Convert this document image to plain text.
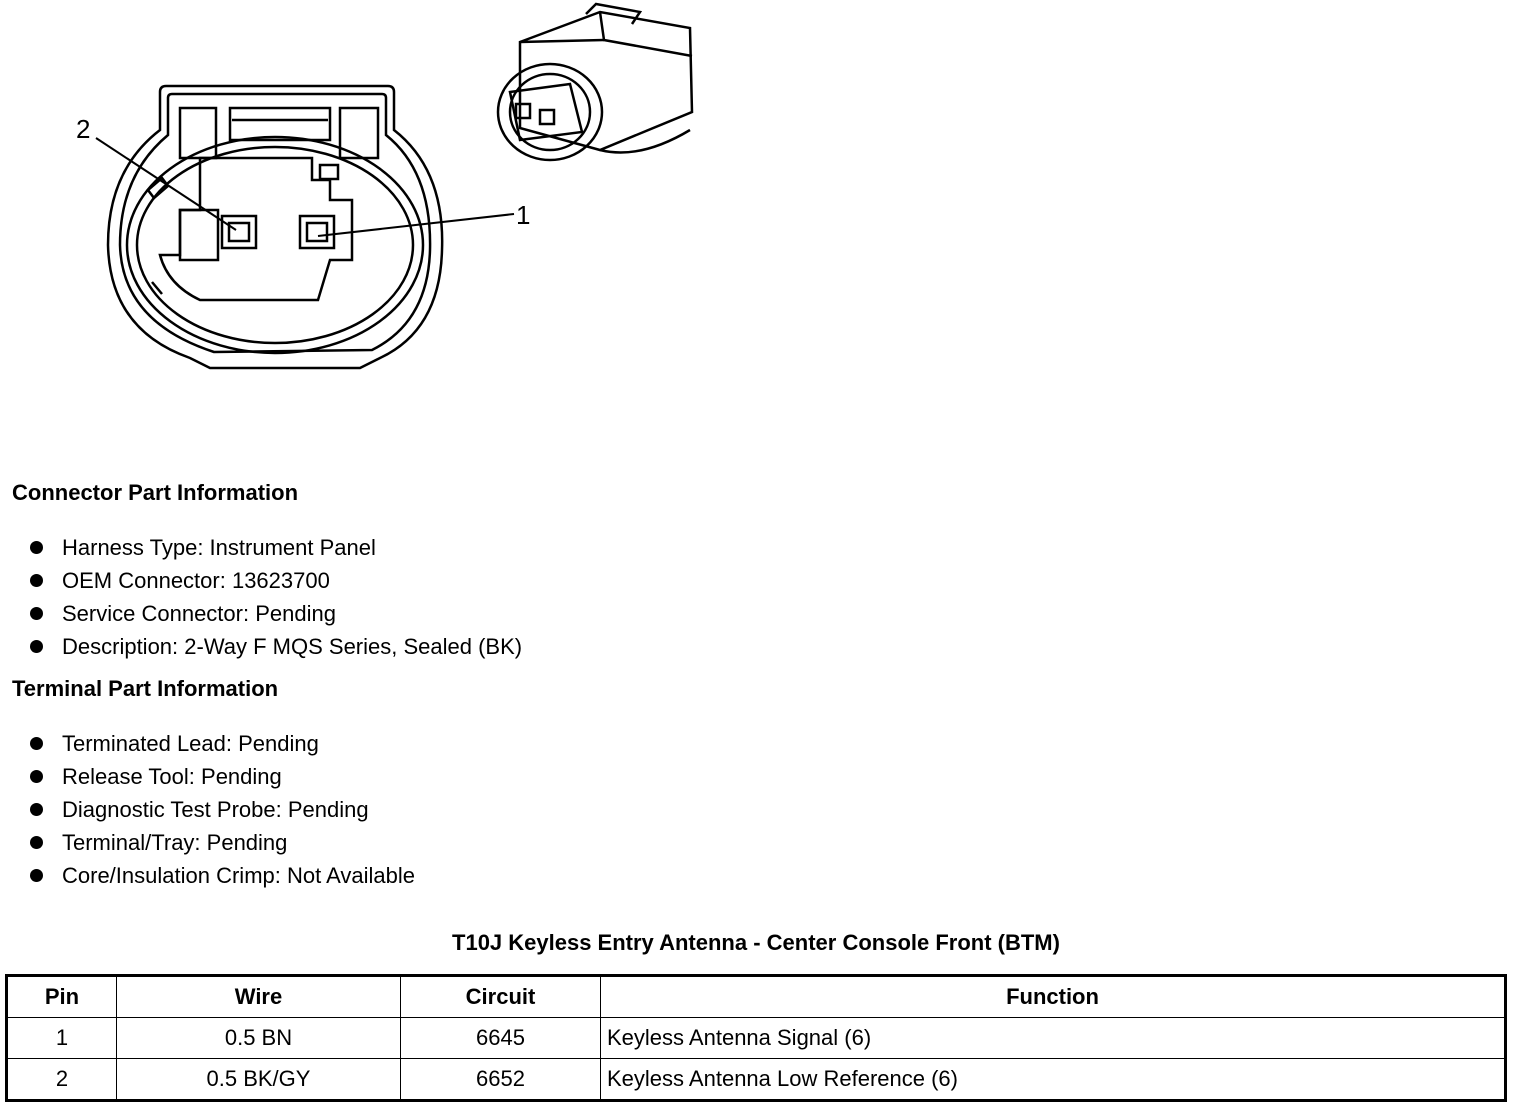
2
1
Connector Part Information
Harness Type: Instrument Panel
OEM Connector: 13623700
Service Connector: Pending
Description: 2-Way F MQS Series, Sealed (BK)
Terminal Part Information
Terminated Lead: Pending
Release Tool: Pending
Diagnostic Test Probe: Pending
Terminal/Tray: Pending
Core/Insulation Crimp: Not Available
T10J Keyless Entry Antenna - Center Console Front (BTM)
Pin	Wire	Circuit	Function
1	0.5 BN	6645	Keyless Antenna Signal (6)
2	0.5 BK/GY	6652	Keyless Antenna Low Reference (6)
